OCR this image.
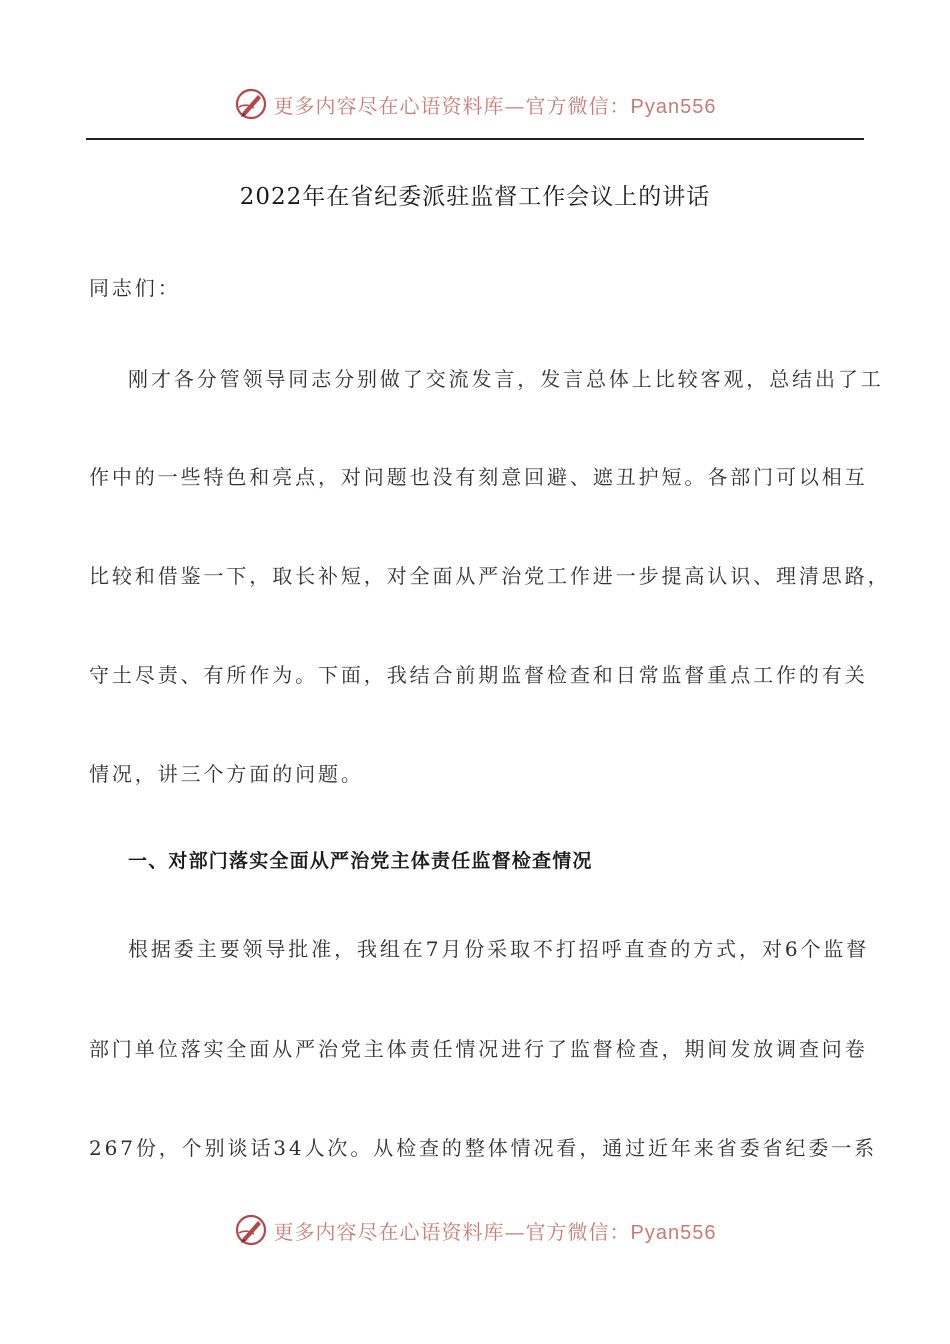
更多内容尽在心语资料库—官方微信：Pyan556
2022年在省纪委派驻监督工作会议上的讲话
同志们：
刚才各分管领导同志分别做了交流发言，发言总体上比较客观，总结出了工
作中的一些特色和亮点，对问题也没有刻意回避、遮丑护短。各部门可以相互
比较和借鉴一下，取长补短，对全面从严治党工作进一步提高认识、理清思路，
守土尽责、有所作为。下面，我结合前期监督检查和日常监督重点工作的有关
情况，讲三个方面的问题。
一、对部门落实全面从严治党主体责任监督检查情况
根据委主要领导批准，我组在7月份采取不打招呼直查的方式，对6个监督
部门单位落实全面从严治党主体责任情况进行了监督检查，期间发放调查问卷
267份，个别谈话34人次。从检查的整体情况看，通过近年来省委省纪委一系
更多内容尽在心语资料库—官方微信：Pyan556
